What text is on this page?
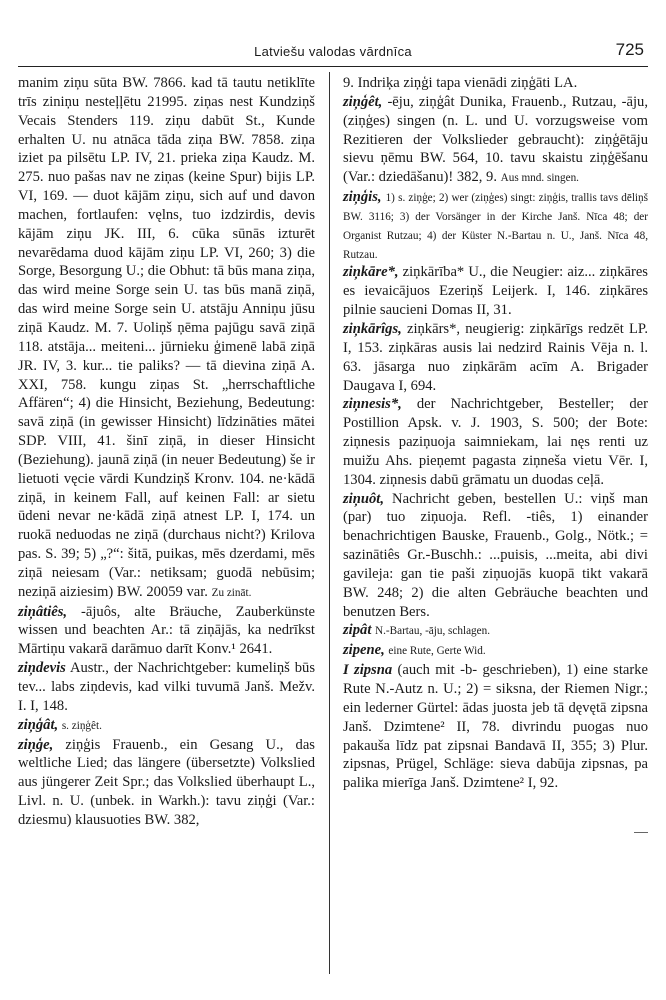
Latviešu valodas vārdnīca	725

manim ziņu sūta BW. 7866. kad tā tautu netiklīte trīs ziniņu nesteļļētu 21995. ziņas nest Kundziņš Vecais Stenders 119. ziņu dabūt St., Kunde erhalten U. nu atnāca tāda ziņa BW. 7858. ziņa iziet pa pilsētu LP. IV, 21. prieka ziņa Kaudz. M. 275. nuo pašas nav ne ziņas (keine Spur) bijis LP. VI, 169. — duot kājām ziņu, sich auf und davon machen, fortlaufen: vęlns, tuo izdzirdis, devis kājām ziņu JK. III, 6. cūka sūnās izturēt nevarēdama duod kājām ziņu LP. VI, 260; 3) die Sorge, Besorgung U.; die Obhut: tā būs mana ziņa, das wird meine Sorge sein U. tas būs manā ziņā, das wird meine Sorge sein U. atstāju Anniņu jūsu ziņā Kaudz. M. 7. Uoliņš ņēma pajūgu savā ziņā 118. atstāja... meiteni... jūrnieku ģimenē labā ziņā JR. IV, 3. kur... tie paliks? — tā dievina ziņā A. XXI, 758. kungu ziņas St. „herrschaftliche Affären“; 4) die Hinsicht, Beziehung, Bedeutung: savā ziņā (in gewisser Hinsicht) līdzināties mātei SDP. VIII, 41. šinī ziņā, in dieser Hinsicht (Beziehung). jaunā ziņā (in neuer Bedeutung) še ir lietuoti vęcie vārdi Kundziņš Kronv. 104. ne·kādā ziņā, in keinem Fall, auf keinen Fall: ar sietu ūdeni nevar ne·kādā ziņā atnest LP. I, 174. un ruokā neduodas ne ziņā (durchaus nicht?) Krilova pas. S. 39; 5) „?“: šitā, puikas, mēs dzerdami, mēs ziņā neiesam (Var.: netiksam; guodā nebūsim; neziņā aiziesim) BW. 20059 var. Zu zināt.

ziņâtiês, -ājuôs, alte Bräuche, Zauberkünste wissen und beachten Ar.: tā ziņājās, ka nedrīkst Mārtiņu vakarā darāmuo darīt Konv.¹ 2641.

ziņdevis Austr., der Nachrichtgeber: kumeliņš būs tev... labs ziņdevis, kad vilki tuvumā Janš. Mežv. I. I, 148.

ziņģât, s. ziņģêt.

ziņģe, ziņģis Frauenb., ein Gesang U., das weltliche Lied; das längere (übersetzte) Volkslied aus jüngerer Zeit Spr.; das Volkslied überhaupt L., Livl. n. U. (unbek. in Warkh.): tavu ziņģi (Var.: dziesmu) klausuoties BW. 382,

9. Indriķa ziņģi tapa vienādi ziņģāti LA.

ziņģêt, -ēju, ziņģât Dunika, Frauenb., Rutzau, -āju, (ziņģes) singen (n. L. und U. vorzugsweise vom Rezitieren der Volkslieder gebraucht): ziņģētāju sievu ņēmu BW. 564, 10. tavu skaistu ziņģēšanu (Var.: dziedāšanu)! 382, 9. Aus mnd. singen.

ziņģis, 1) s. ziņģe; 2) wer (ziņģes) singt: ziņģis, trallis tavs dēliņš BW. 3116; 3) der Vorsänger in der Kirche Janš. Nīca 48; der Organist Rutzau; 4) der Küster N.-Bartau n. U., Janš. Nīca 48, Rutzau.

ziņkāre*, ziņkārība* U., die Neugier: aiz... ziņkāres es ievaicājuos Ezeriņš Leijerk. I, 146. ziņkāres pilnie saucieni Domas II, 31.

ziņkārîgs, ziņkārs*, neugierig: ziņkārīgs redzēt LP. I, 153. ziņkāras ausis lai nedzird Rainis Vēja n. l. 63. jāsarga nuo ziņkārām acīm A. Brigader Daugava I, 694.

ziņnesis*, der Nachrichtgeber, Besteller; der Postillion Apsk. v. J. 1903, S. 500; der Bote: ziņnesis paziņuoja saimniekam, lai nęs renti uz muižu Ahs. pieņemt pagasta ziņneša vietu Vēr. I, 1304. ziņnesis dabū grāmatu un duodas ceļā.

ziņuôt, Nachricht geben, bestellen U.: viņš man (par) tuo ziņuoja. Refl. -tiês, 1) einander benachrichtigen Bauske, Frauenb., Golg., Nötk.; = sazinātiês Gr.-Buschh.: ...puisis, ...meita, abi divi gavileja: gan tie paši ziņuojās kuopā tikt vakarā BW. 248; 2) die alten Gebräuche beachten und benutzen Bers.

zipât N.-Bartau, -āju, schlagen.

zipene, eine Rute, Gerte Wid.

I zipsna (auch mit -b- geschrieben), 1) eine starke Rute N.-Autz n. U.; 2) = siksna, der Riemen Nigr.; ein lederner Gürtel: ādas juosta jeb tā dęvętā zipsna Janš. Dzimtene² II, 78. divrindu puogas nuo pakauša līdz pat zipsnai Bandavā II, 355; 3) Plur. zipsnas, Prügel, Schläge: sieva dabūja zipsnas, pa palika mierīga Janš. Dzimtene² I, 92.
